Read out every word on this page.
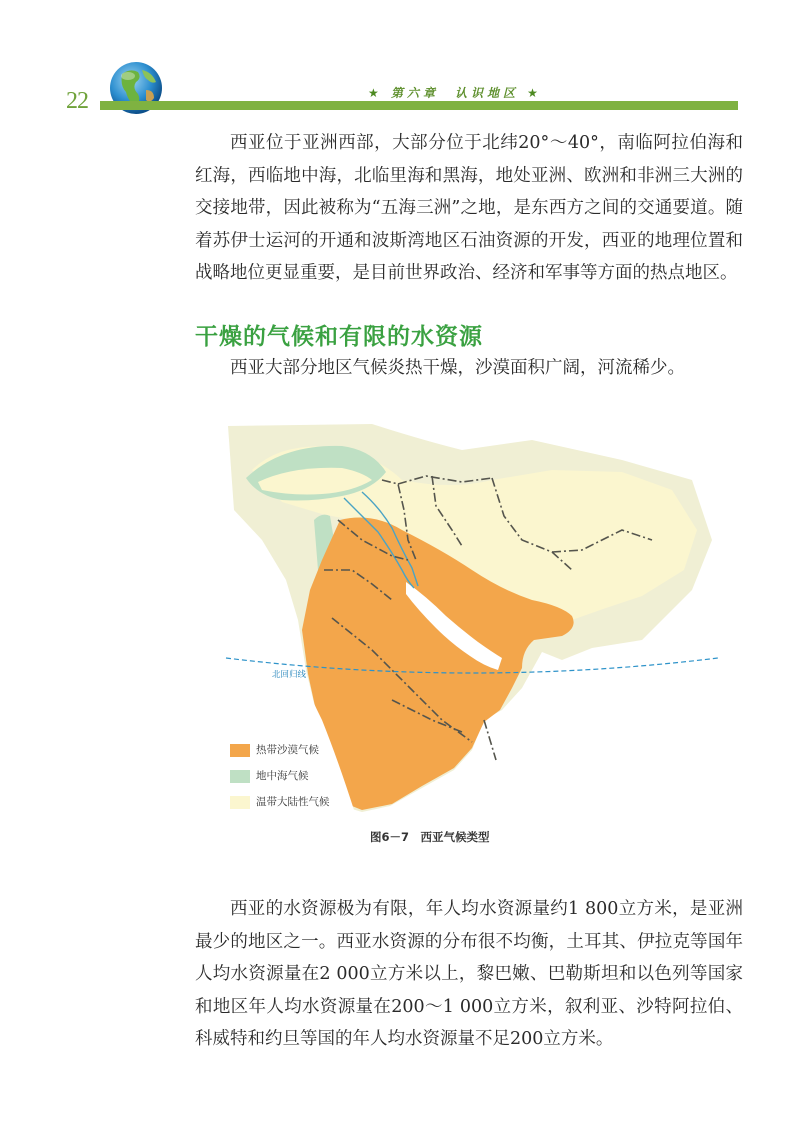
22	★ 第六章　认识地区 ★

西亚位于亚洲西部，大部分位于北纬20°～40°，南临阿拉伯海和红海，西临地中海，北临里海和黑海，地处亚洲、欧洲和非洲三大洲的交接地带，因此被称为“五海三洲”之地，是东西方之间的交通要道。随着苏伊士运河的开通和波斯湾地区石油资源的开发，西亚的地理位置和战略地位更显重要，是目前世界政治、经济和军事等方面的热点地区。

干燥的气候和有限的水资源

西亚大部分地区气候炎热干燥，沙漠面积广阔，河流稀少。

北回归线
热带沙漠气候
地中海气候
温带大陆性气候
图6－7　西亚气候类型

西亚的水资源极为有限，年人均水资源量约1 800立方米，是亚洲最少的地区之一。西亚水资源的分布很不均衡，土耳其、伊拉克等国年人均水资源量在2 000立方米以上，黎巴嫩、巴勒斯坦和以色列等国家和地区年人均水资源量在200～1 000立方米，叙利亚、沙特阿拉伯、科威特和约旦等国的年人均水资源量不足200立方米。
